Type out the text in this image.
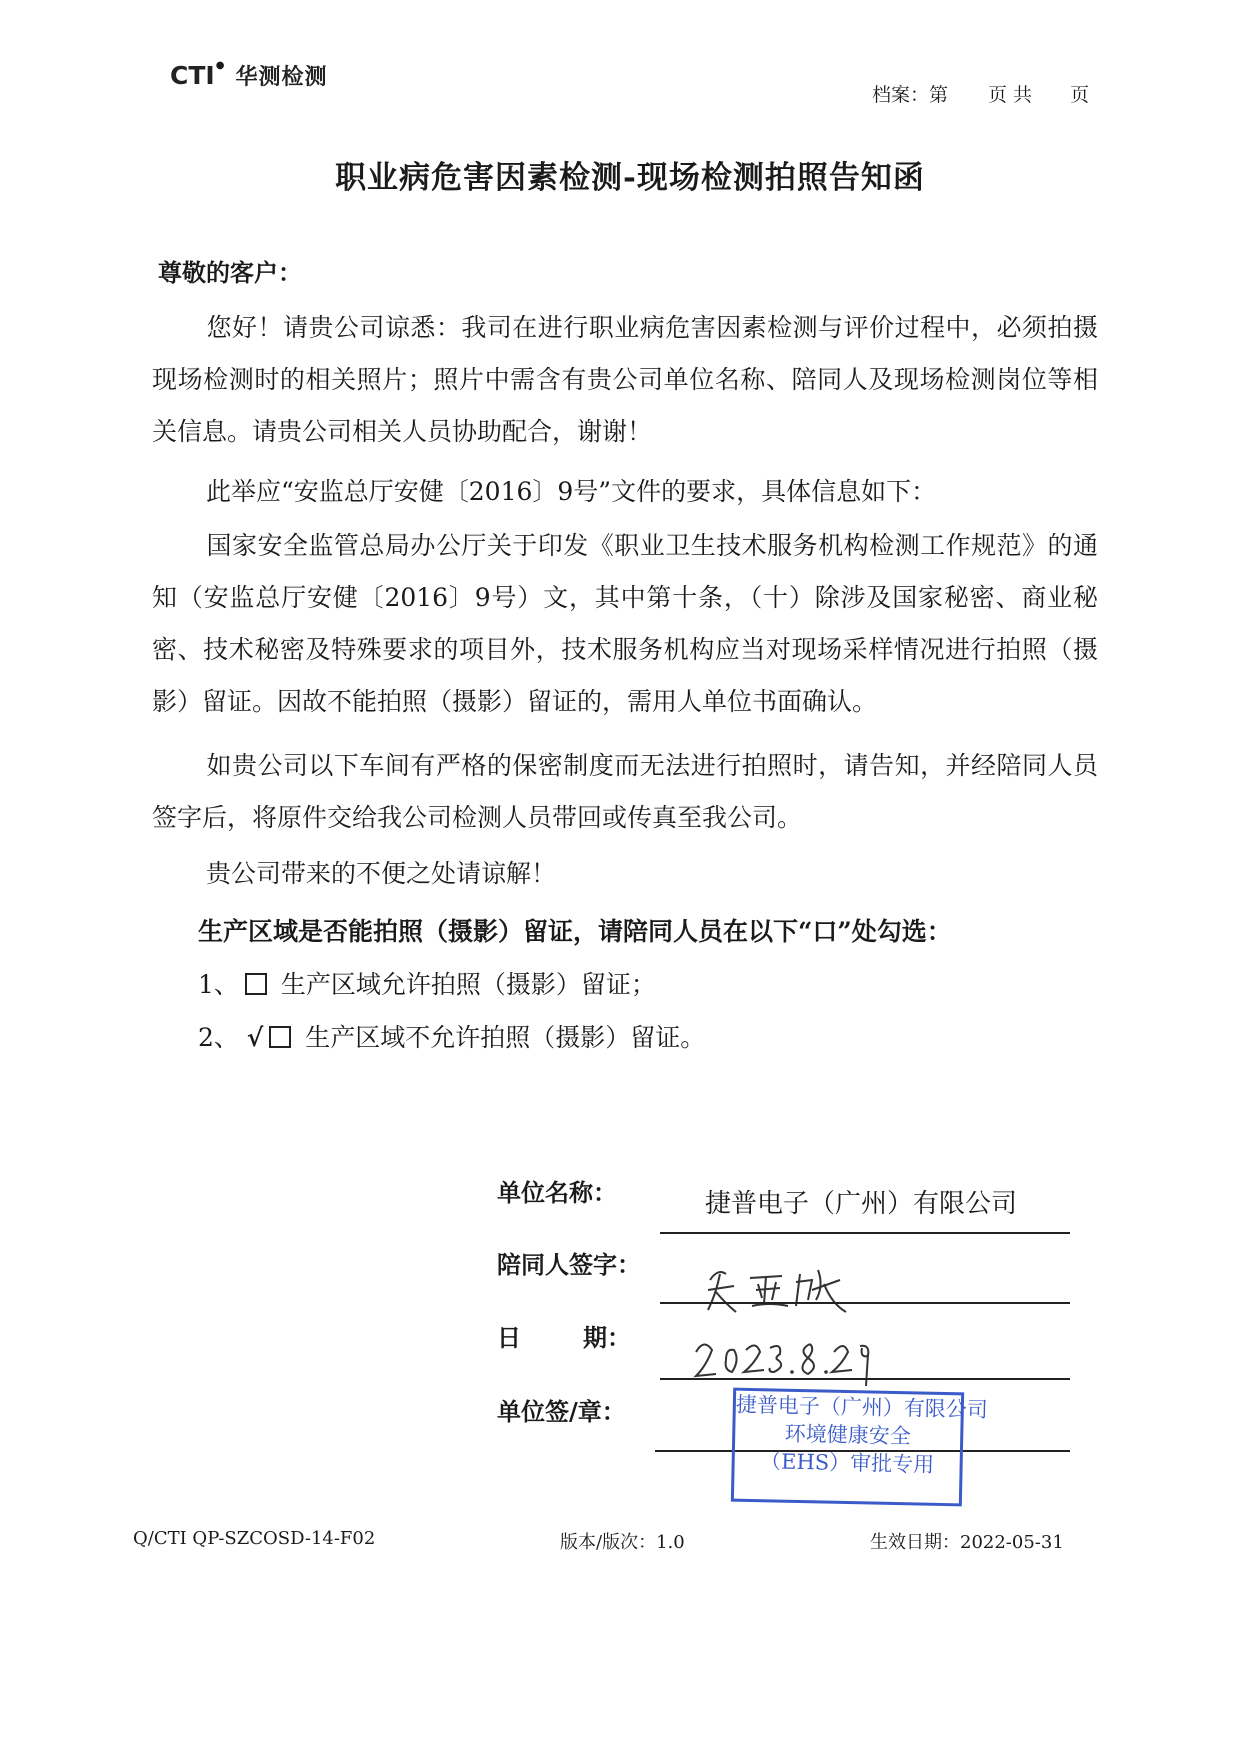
CTI ● 华测检测
档案：第 页 共 页
职业病危害因素检测-现场检测拍照告知函
尊敬的客户：
您好！请贵公司谅悉：我司在进行职业病危害因素检测与评价过程中，必须拍摄现场检测时的相关照片；照片中需含有贵公司单位名称、陪同人及现场检测岗位等相关信息。请贵公司相关人员协助配合，谢谢！
此举应“安监总厅安健〔2016〕9号”文件的要求，具体信息如下：
国家安全监管总局办公厅关于印发《职业卫生技术服务机构检测工作规范》的通知（安监总厅安健〔2016〕9号）文，其中第十条，（十）除涉及国家秘密、商业秘密、技术秘密及特殊要求的项目外，技术服务机构应当对现场采样情况进行拍照（摄影）留证。因故不能拍照（摄影）留证的，需用人单位书面确认。
如贵公司以下车间有严格的保密制度而无法进行拍照时，请告知，并经陪同人员签字后，将原件交给我公司检测人员带回或传真至我公司。
贵公司带来的不便之处请谅解！
生产区域是否能拍照（摄影）留证，请陪同人员在以下“口”处勾选：
1、 生产区域允许拍照（摄影）留证；
2、 √ 生产区域不允许拍照（摄影）留证。
单位名称：	捷普电子（广州）有限公司
陪同人签字：
日	期：
单位签/章：	捷普电子（广州）有限公司
环境健康安全
（EHS）审批专用
Q/CTI QP-SZCOSD-14-F02	版本/版次：1.0	生效日期：2022-05-31
